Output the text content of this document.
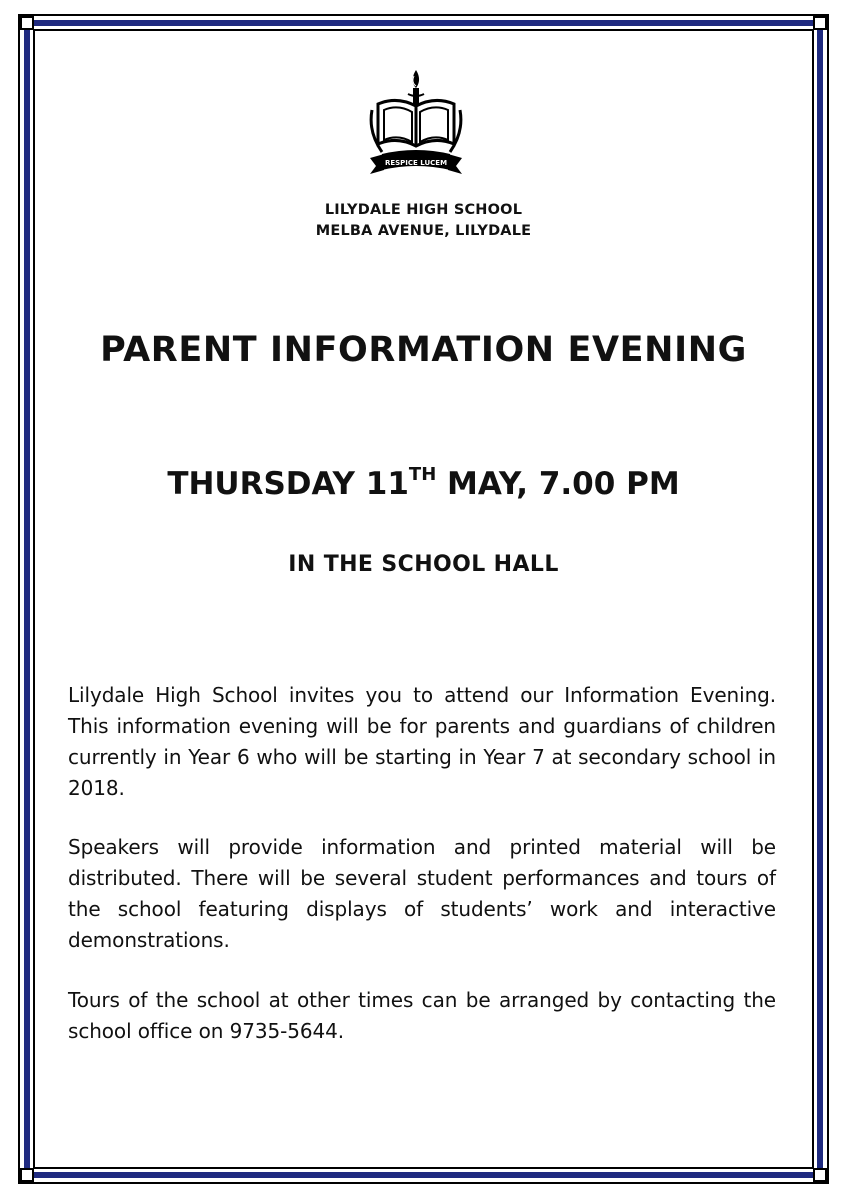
RESPICE LUCEM
LILYDALE HIGH SCHOOL
MELBA AVENUE, LILYDALE
PARENT INFORMATION EVENING
THURSDAY 11TH MAY, 7.00 PM
IN THE SCHOOL HALL
Lilydale High School invites you to attend our Information Evening. This information evening will be for parents and guardians of children currently in Year 6 who will be starting in Year 7 at secondary school in 2018.
Speakers will provide information and printed material will be distributed. There will be several student performances and tours of the school featuring displays of students’ work and interactive demonstrations.
Tours of the school at other times can be arranged by contacting the school office on 9735-5644.
